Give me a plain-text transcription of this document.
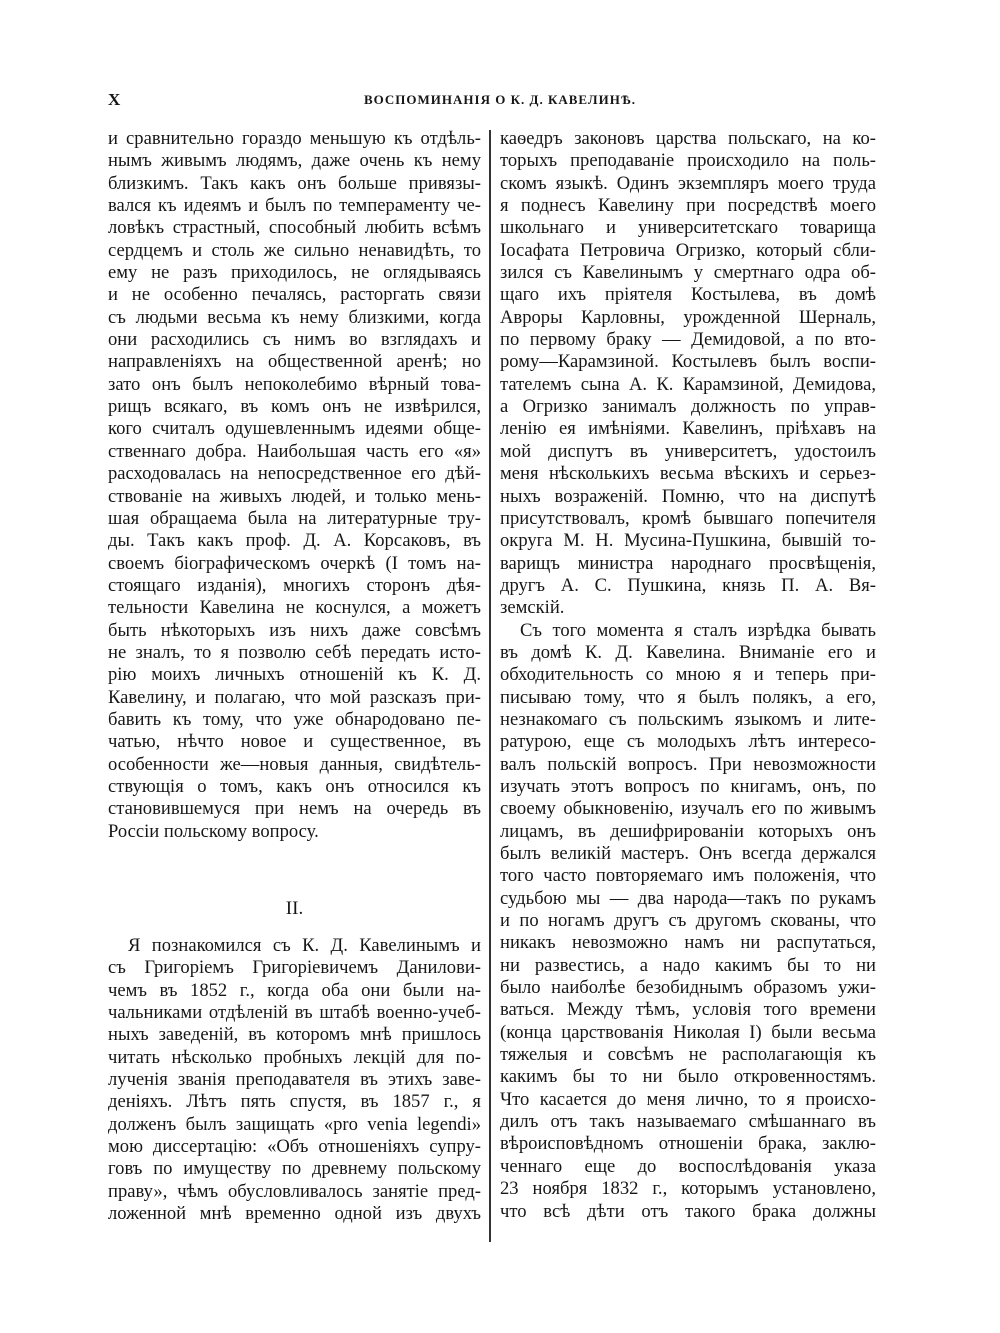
X	ВОСПОМИНАНІЯ О К. Д. КАВЕЛИНѢ.
и сравнительно гораздо меньшую къ отдѣль-
нымъ живымъ людямъ, даже очень къ нему
близкимъ. Такъ какъ онъ больше привязы-
вался къ идеямъ и былъ по темпераменту че-
ловѣкъ страстный, способный любить всѣмъ
сердцемъ и столь же сильно ненавидѣть, то
ему не разъ приходилось, не оглядываясь
и не особенно печалясь, расторгать связи
съ людьми весьма къ нему близкими, когда
они расходились съ нимъ во взглядахъ и
направленіяхъ на общественной аренѣ; но
зато онъ былъ непоколебимо вѣрный това-
рищъ всякаго, въ комъ онъ не извѣрился,
кого считалъ одушевленнымъ идеями обще-
ственнаго добра. Наибольшая часть его «я»
расходовалась на непосредственное его дѣй-
ствованіе на живыхъ людей, и только мень-
шая обращаема была на литературные тру-
ды. Такъ какъ проф. Д. А. Корсаковъ, въ
своемъ біографическомъ очеркѣ (I томъ на-
стоящаго изданія), многихъ сторонъ дѣя-
тельности Кавелина не коснулся, а можетъ
быть нѣкоторыхъ изъ нихъ даже совсѣмъ
не зналъ, то я позволю себѣ передать исто-
рію моихъ личныхъ отношеній къ К. Д.
Кавелину, и полагаю, что мой разсказъ при-
бавить къ тому, что уже обнародовано пе-
чатью, нѣчто новое и существенное, въ
особенности же—новыя данныя, свидѣтель-
ствующія о томъ, какъ онъ относился къ
становившемуся при немъ на очередь въ
Россіи польскому вопросу.
II.
Я познакомился съ К. Д. Кавелинымъ и
съ Григоріемъ Григоріевичемъ Данилови-
чемъ въ 1852 г., когда оба они были на-
чальниками отдѣленій въ штабѣ военно-учеб-
ныхъ заведеній, въ которомъ мнѣ пришлось
читать нѣсколько пробныхъ лекцій для по-
лученія званія преподавателя въ этихъ заве-
деніяхъ. Лѣтъ пять спустя, въ 1857 г., я
долженъ былъ защищать «pro venia legendi»
мою диссертацію: «Объ отношеніяхъ супру-
говъ по имуществу по древнему польскому
праву», чѣмъ обусловливалось занятіе пред-
ложенной мнѣ временно одной изъ двухъ
каѳедръ законовъ царства польскаго, на ко-
торыхъ преподаваніе происходило на поль-
скомъ языкѣ. Одинъ экземпляръ моего труда
я поднесъ Кавелину при посредствѣ моего
школьнаго и университетскаго товарища
Іосафата Петровича Огризко, который сбли-
зился съ Кавелинымъ у смертнаго одра об-
щаго ихъ пріятеля Костылева, въ домѣ
Авроры Карловны, урожденной Шерналь,
по первому браку — Демидовой, а по вто-
рому—Карамзиной. Костылевъ былъ воспи-
тателемъ сына А. К. Карамзиной, Демидова,
а Огризко занималъ должность по управ-
ленію ея имѣніями. Кавелинъ, пріѣхавъ на
мой диспутъ въ университетъ, удостоилъ
меня нѣсколькихъ весьма вѣскихъ и серьез-
ныхъ возраженій. Помню, что на диспутѣ
присутствовалъ, кромѣ бывшаго попечителя
округа М. Н. Мусина-Пушкина, бывшій то-
варищъ министра народнаго просвѣщенія,
другъ А. С. Пушкина, князь П. А. Вя-
земскій.
Съ того момента я сталъ изрѣдка бывать
въ домѣ К. Д. Кавелина. Вниманіе его и
обходительность со мною я и теперь при-
писываю тому, что я былъ полякъ, а его,
незнакомаго съ польскимъ языкомъ и лите-
ратурою, еще съ молодыхъ лѣтъ интересо-
валъ польскій вопросъ. При невозможности
изучать этотъ вопросъ по книгамъ, онъ, по
своему обыкновенію, изучалъ его по живымъ
лицамъ, въ дешифрированіи которыхъ онъ
былъ великій мастеръ. Онъ всегда держался
того часто повторяемаго имъ положенія, что
судьбою мы — два народа—такъ по рукамъ
и по ногамъ другъ съ другомъ скованы, что
никакъ невозможно намъ ни распутаться,
ни развестись, а надо какимъ бы то ни
было наиболѣе безобиднымъ образомъ ужи-
ваться. Между тѣмъ, условія того времени
(конца царствованія Николая I) были весьма
тяжелыя и совсѣмъ не располагающія къ
какимъ бы то ни было откровенностямъ.
Что касается до меня лично, то я происхо-
дилъ отъ такъ называемаго смѣшаннаго въ
вѣроисповѣдномъ отношеніи брака, заклю-
ченнаго еще до воспослѣдованія указа
23 ноября 1832 г., которымъ установлено,
что всѣ дѣти отъ такого брака должны
